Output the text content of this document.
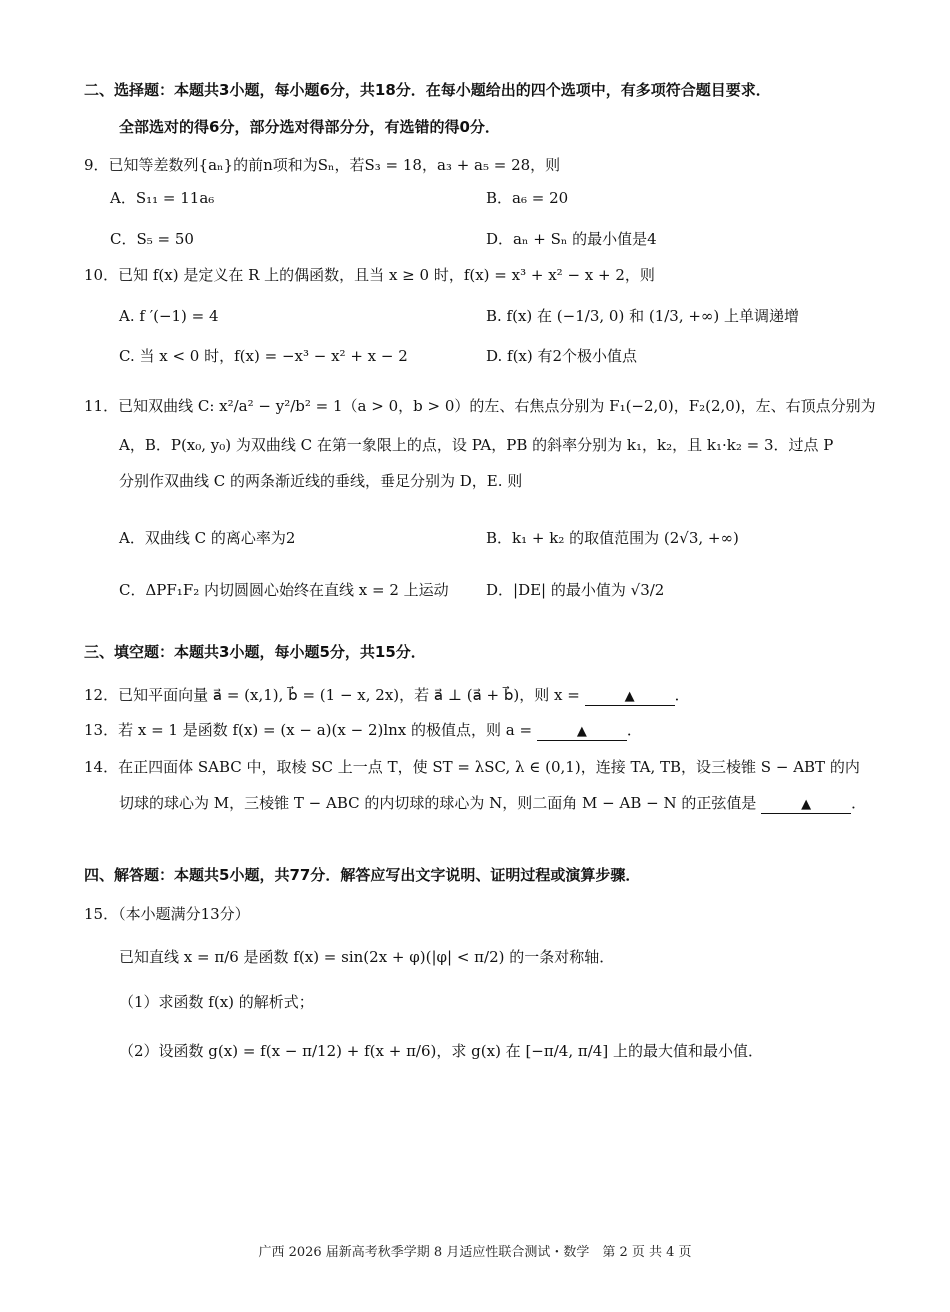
二、选择题：本题共3小题，每小题6分，共18分．在每小题给出的四个选项中，有多项符合题目要求．
全部选对的得6分，部分选对得部分分，有选错的得0分．
9．已知等差数列{aₙ}的前n项和为Sₙ，若S₃ = 18，a₃ + a₅ = 28，则
A．S₁₁ = 11a₆	B．a₆ = 20
C．S₅ = 50	D．aₙ + Sₙ 的最小值是4
10．已知 f(x) 是定义在 R 上的偶函数，且当 x ≥ 0 时，f(x) = x³ + x² − x + 2，则
A. f ′(−1) = 4	B. f(x) 在 (−1/3, 0) 和 (1/3, +∞) 上单调递增
C. 当 x < 0 时，f(x) = −x³ − x² + x − 2	D. f(x) 有2个极小值点
11．已知双曲线 C: x²/a² − y²/b² = 1（a > 0，b > 0）的左、右焦点分别为 F₁(−2,0)，F₂(2,0)，左、右顶点分别为
A，B．P(x₀, y₀) 为双曲线 C 在第一象限上的点，设 PA，PB 的斜率分别为 k₁，k₂，且 k₁·k₂ = 3．过点 P
分别作双曲线 C 的两条渐近线的垂线，垂足分别为 D，E. 则
A．双曲线 C 的离心率为2	B．k₁ + k₂ 的取值范围为 (2√3, +∞)
C．ΔPF₁F₂ 内切圆圆心始终在直线 x = 2 上运动 D．|DE| 的最小值为 √3/2
三、填空题：本题共3小题，每小题5分，共15分．
12．已知平面向量 a⃗ = (x,1), b⃗ = (1 − x, 2x)，若 a⃗ ⊥ (a⃗ + b⃗)，则 x =	▲	．
13．若 x = 1 是函数 f(x) = (x − a)(x − 2)lnx 的极值点，则 a =	▲	．
14．在正四面体 SABC 中，取棱 SC 上一点 T，使 ST = λSC, λ ∈ (0,1)，连接 TA, TB，设三棱锥 S − ABT 的内
切球的球心为 M，三棱锥 T − ABC 的内切球的球心为 N，则二面角 M − AB − N 的正弦值是	▲	．
四、解答题：本题共5小题，共77分．解答应写出文字说明、证明过程或演算步骤．
15．（本小题满分13分）
已知直线 x = π/6 是函数 f(x) = sin(2x + φ)(|φ| < π/2) 的一条对称轴．
（1）求函数 f(x) 的解析式；
（2）设函数 g(x) = f(x − π/12) + f(x + π/6)，求 g(x) 在 [−π/4, π/4] 上的最大值和最小值．
广西 2026 届新高考秋季学期 8 月适应性联合测试・数学　第 2 页 共 4 页
